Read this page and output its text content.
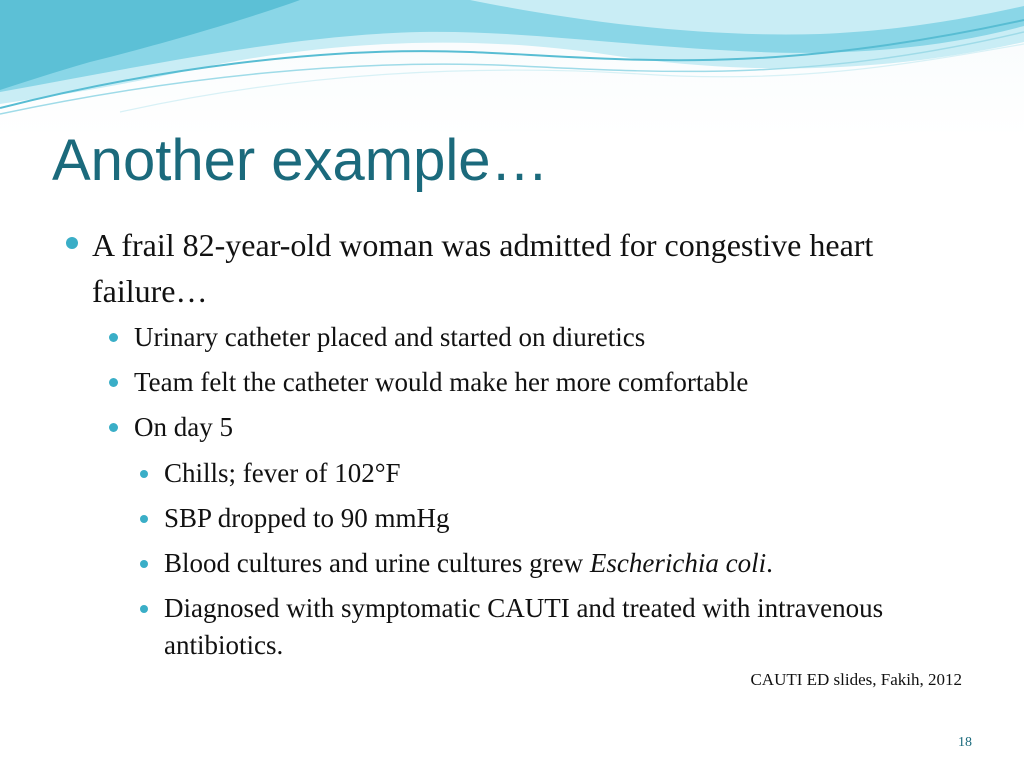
Another example…
A frail 82-year-old woman was admitted for congestive heart failure…
Urinary catheter placed and started on diuretics
Team felt the catheter would make her more comfortable
On day 5
Chills; fever of 102°F
SBP dropped to 90 mmHg
Blood cultures and urine cultures grew Escherichia coli.
Diagnosed with symptomatic CAUTI and treated with intravenous antibiotics.
CAUTI ED slides, Fakih, 2012
18
